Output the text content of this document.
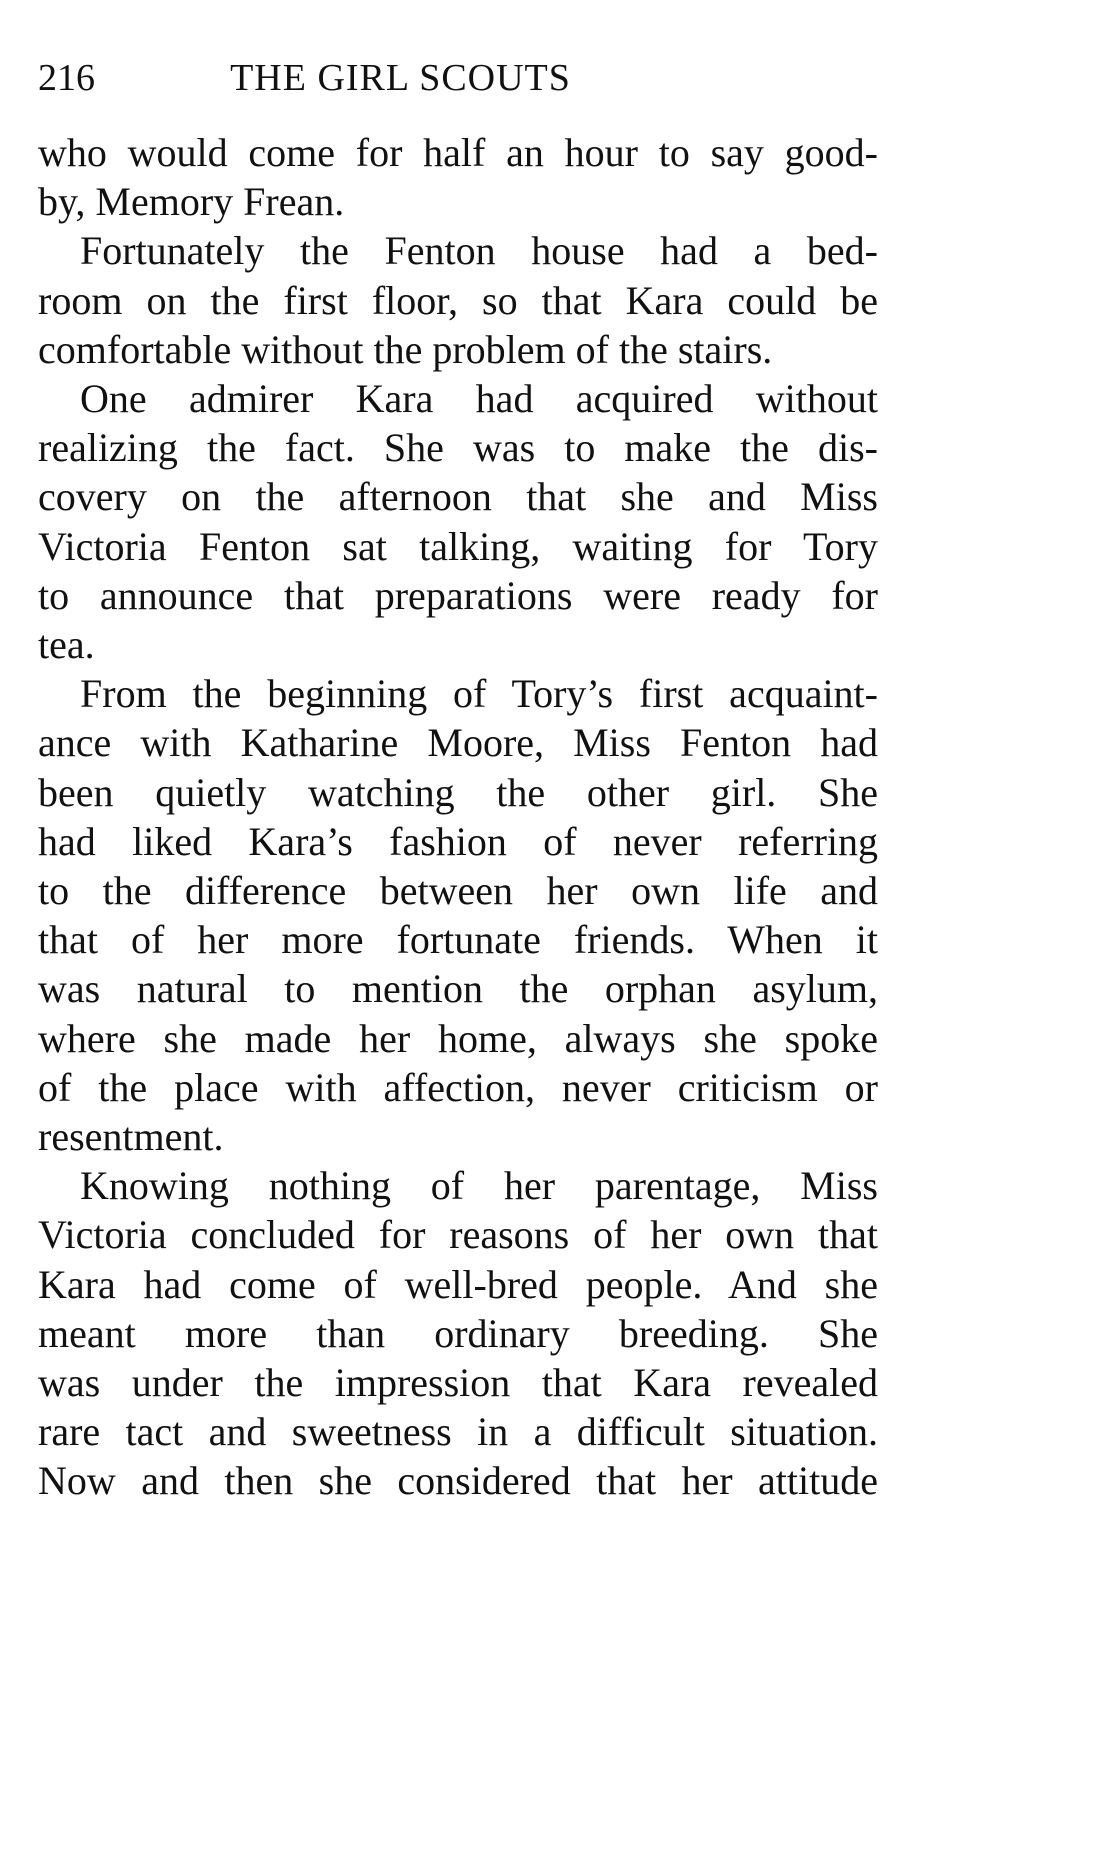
216	THE GIRL SCOUTS

who would come for half an hour to say good-
by, Memory Frean.

Fortunately the Fenton house had a bed-
room on the first floor, so that Kara could be
comfortable without the problem of the stairs.

One admirer Kara had acquired without
realizing the fact. She was to make the dis-
covery on the afternoon that she and Miss
Victoria Fenton sat talking, waiting for Tory
to announce that preparations were ready for
tea.

From the beginning of Tory’s first acquaint-
ance with Katharine Moore, Miss Fenton had
been quietly watching the other girl. She
had liked Kara’s fashion of never referring
to the difference between her own life and
that of her more fortunate friends. When it
was natural to mention the orphan asylum,
where she made her home, always she spoke
of the place with affection, never criticism or
resentment.

Knowing nothing of her parentage, Miss
Victoria concluded for reasons of her own that
Kara had come of well-bred people. And she
meant more than ordinary breeding. She
was under the impression that Kara revealed
rare tact and sweetness in a difficult situation.
Now and then she considered that her attitude
